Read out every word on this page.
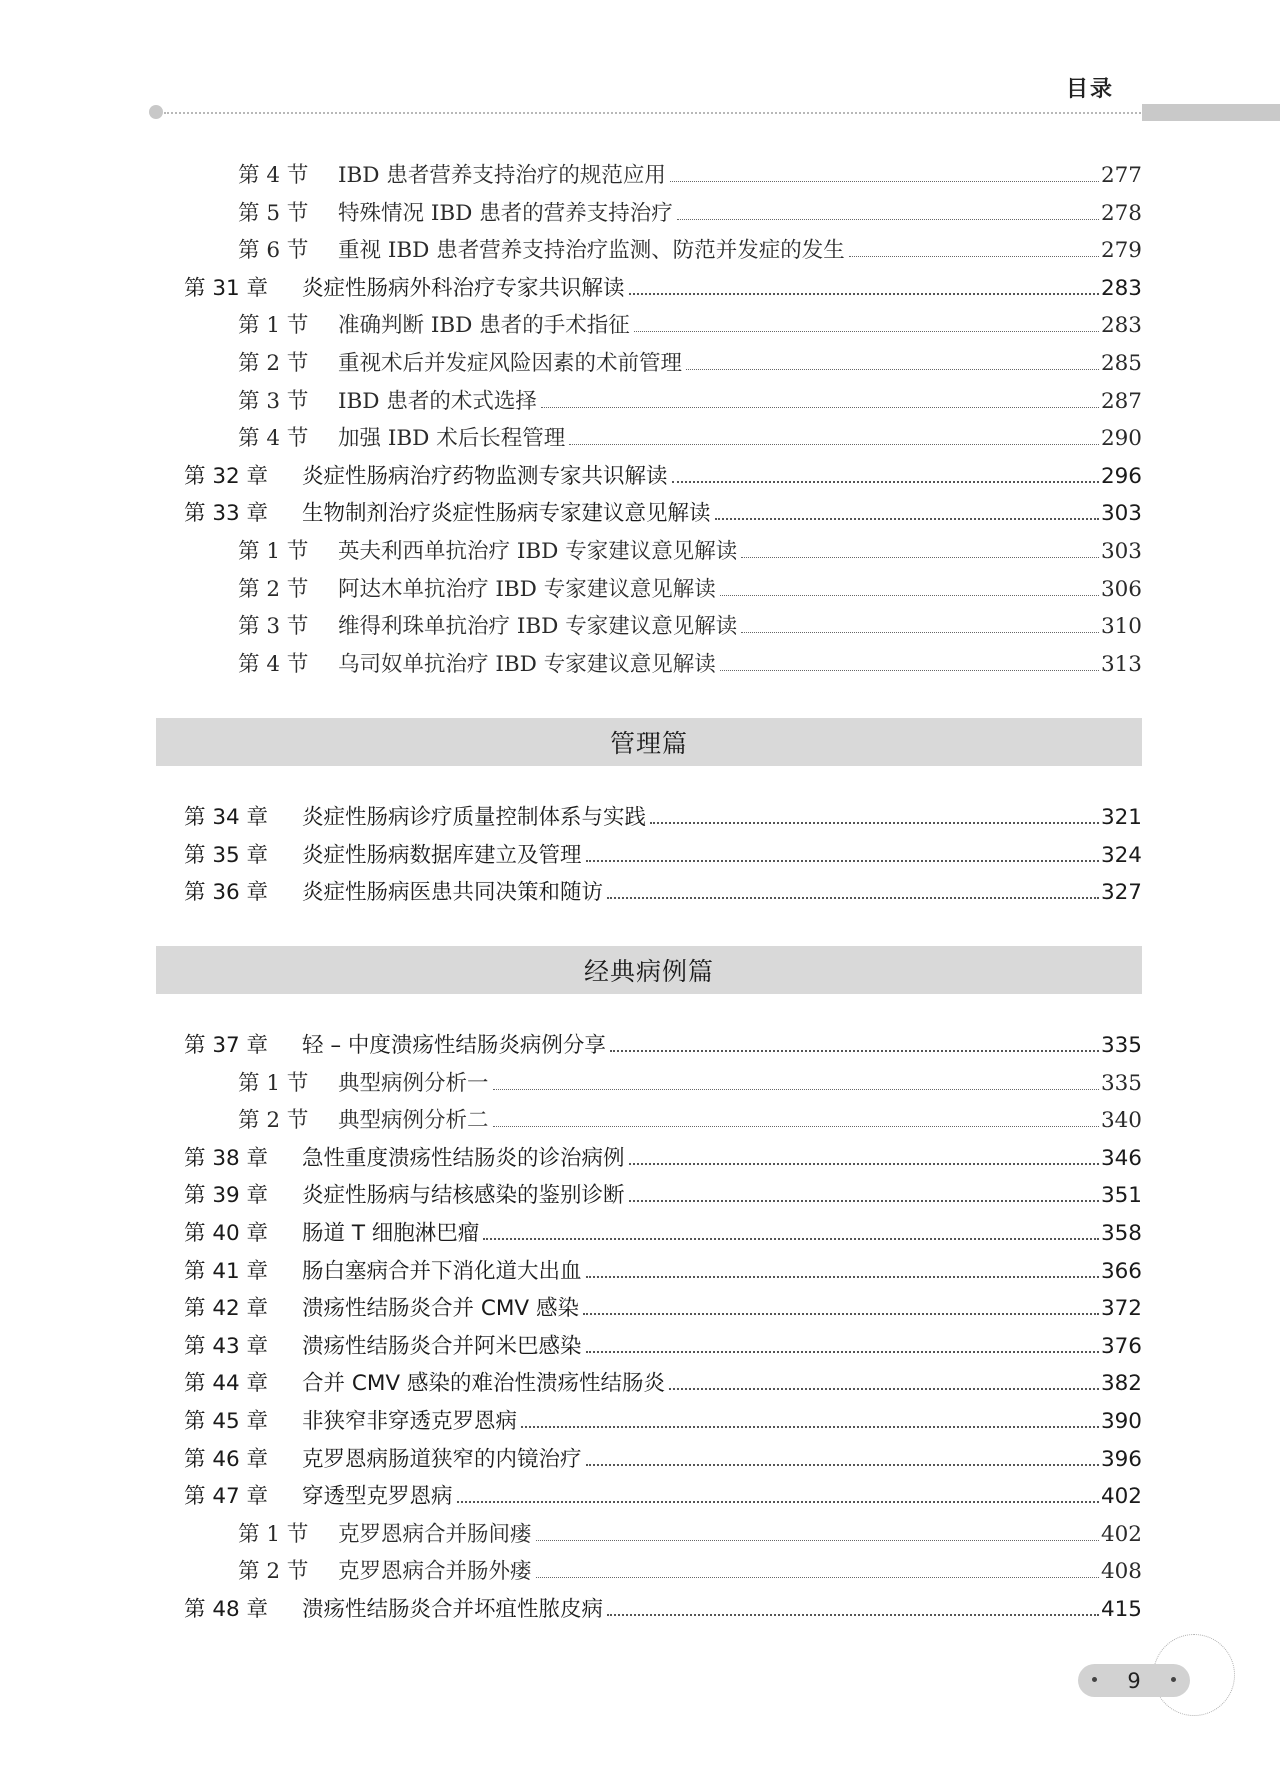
目录
第 4 节	IBD 患者营养支持治疗的规范应用	277
第 5 节	特殊情况 IBD 患者的营养支持治疗	278
第 6 节	重视 IBD 患者营养支持治疗监测、防范并发症的发生	279
第 31 章	炎症性肠病外科治疗专家共识解读	283
第 1 节	准确判断 IBD 患者的手术指征	283
第 2 节	重视术后并发症风险因素的术前管理	285
第 3 节	IBD 患者的术式选择	287
第 4 节	加强 IBD 术后长程管理	290
第 32 章	炎症性肠病治疗药物监测专家共识解读	296
第 33 章	生物制剂治疗炎症性肠病专家建议意见解读	303
第 1 节	英夫利西单抗治疗 IBD 专家建议意见解读	303
第 2 节	阿达木单抗治疗 IBD 专家建议意见解读	306
第 3 节	维得利珠单抗治疗 IBD 专家建议意见解读	310
第 4 节	乌司奴单抗治疗 IBD 专家建议意见解读	313
第 34 章	炎症性肠病诊疗质量控制体系与实践	321
第 35 章	炎症性肠病数据库建立及管理	324
第 36 章	炎症性肠病医患共同决策和随访	327
第 37 章	轻 – 中度溃疡性结肠炎病例分享	335
第 1 节	典型病例分析一	335
第 2 节	典型病例分析二	340
第 38 章	急性重度溃疡性结肠炎的诊治病例	346
第 39 章	炎症性肠病与结核感染的鉴别诊断	351
第 40 章	肠道 T 细胞淋巴瘤	358
第 41 章	肠白塞病合并下消化道大出血	366
第 42 章	溃疡性结肠炎合并 CMV 感染	372
第 43 章	溃疡性结肠炎合并阿米巴感染	376
第 44 章	合并 CMV 感染的难治性溃疡性结肠炎	382
第 45 章	非狭窄非穿透克罗恩病	390
第 46 章	克罗恩病肠道狭窄的内镜治疗	396
第 47 章	穿透型克罗恩病	402
第 1 节	克罗恩病合并肠间瘘	402
第 2 节	克罗恩病合并肠外瘘	408
第 48 章	溃疡性结肠炎合并坏疽性脓皮病	415
管理篇
经典病例篇
9
